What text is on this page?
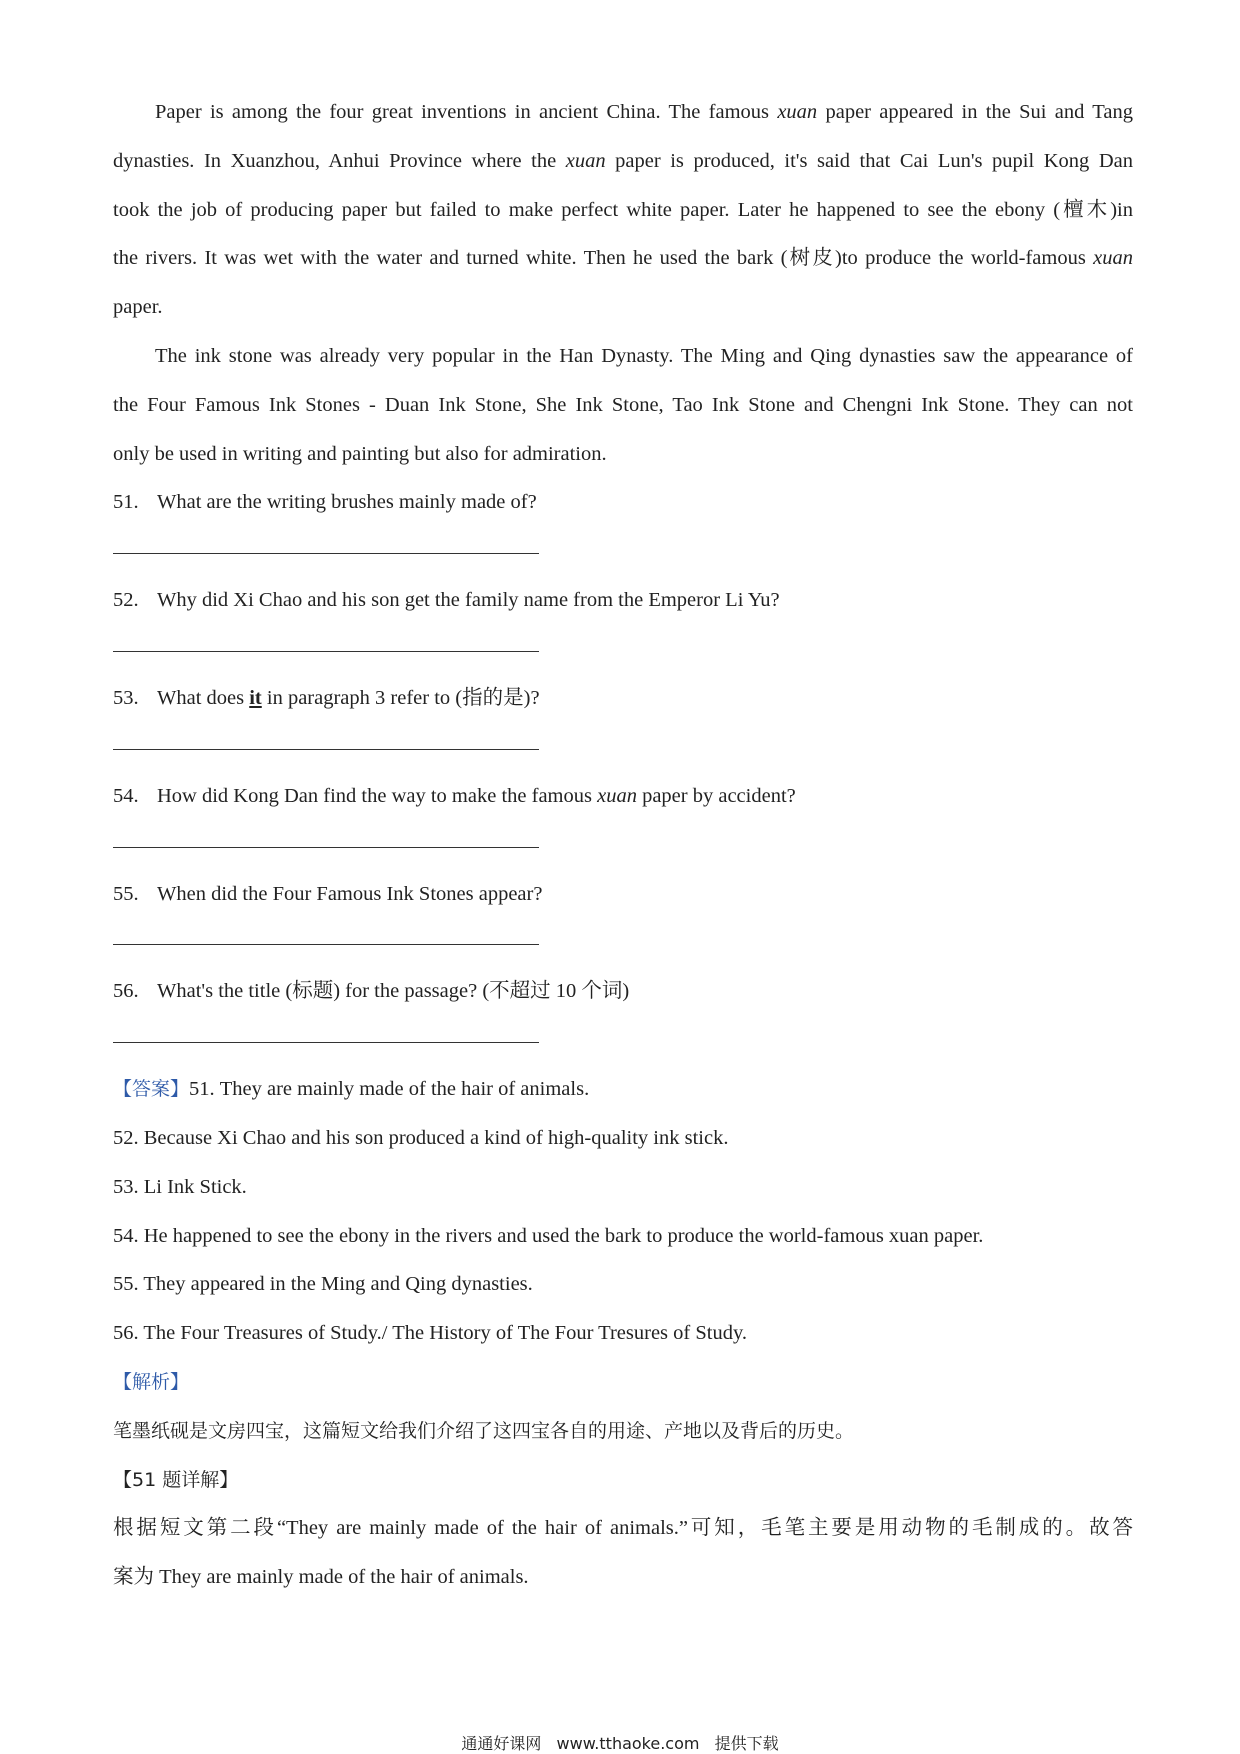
Paper is among the four great inventions in ancient China. The famous xuan paper appeared in the Sui and Tang

dynasties. In Xuanzhou, Anhui Province where the xuan paper is produced, it's said that Cai Lun's pupil Kong Dan

took the job of producing paper but failed to make perfect white paper. Later he happened to see the ebony (檀木)in

the rivers. It was wet with the water and turned white. Then he used the bark (树皮)to produce the world-famous xuan

paper.

The ink stone was already very popular in the Han Dynasty. The Ming and Qing dynasties saw the appearance of

the Four Famous Ink Stones - Duan Ink Stone, She Ink Stone, Tao Ink Stone and Chengni Ink Stone. They can not

only be used in writing and painting but also for admiration.

51. What are the writing brushes mainly made of?

52. Why did Xi Chao and his son get the family name from the Emperor Li Yu?

53. What does it in paragraph 3 refer to (指的是)?

54. How did Kong Dan find the way to make the famous xuan paper by accident?

55. When did the Four Famous Ink Stones appear?

56. What's the title (标题) for the passage? (不超过 10 个词)

【答案】51. They are mainly made of the hair of animals.

52. Because Xi Chao and his son produced a kind of high-quality ink stick.

53. Li Ink Stick.

54. He happened to see the ebony in the rivers and used the bark to produce the world-famous xuan paper.

55. They appeared in the Ming and Qing dynasties.

56. The Four Treasures of Study./ The History of The Four Tresures of Study.

【解析】

笔墨纸砚是文房四宝，这篇短文给我们介绍了这四宝各自的用途、产地以及背后的历史。

【51 题详解】

根据短文第二段“They are mainly made of the hair of animals.”可知，毛笔主要是用动物的毛制成的。故答

案为 They are mainly made of the hair of animals.

通通好课网 www.tthaoke.com 提供下载
